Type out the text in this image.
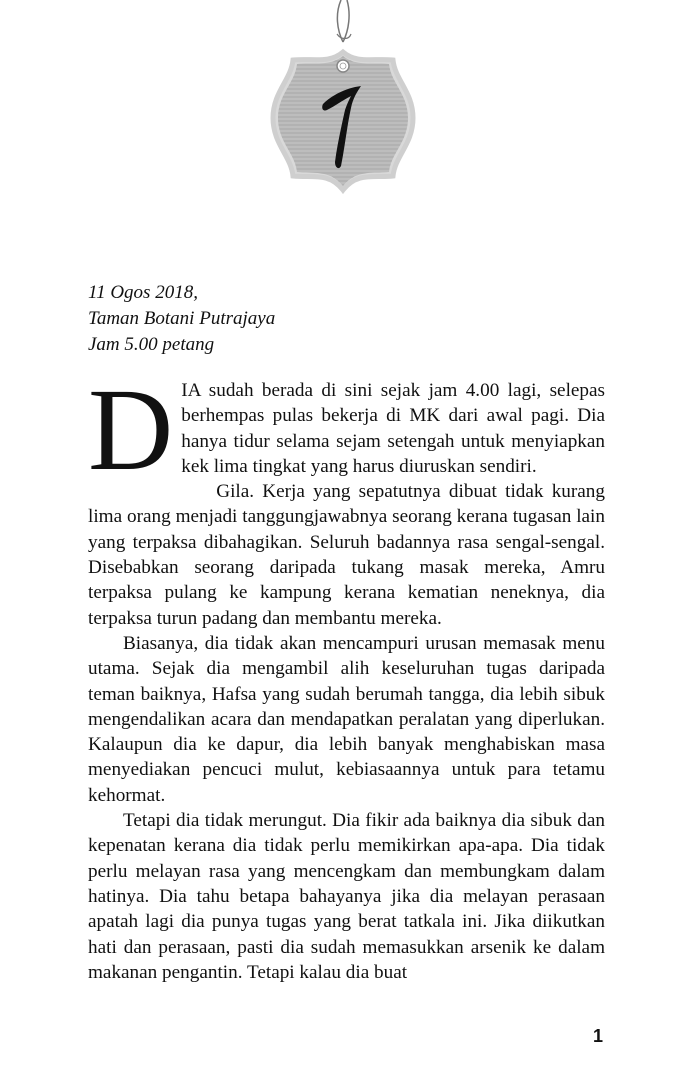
11 Ogos 2018,
Taman Botani Putrajaya
Jam 5.00 petang

DIA sudah berada di sini sejak jam 4.00 lagi, selepas berhempas pulas bekerja di MK dari awal pagi. Dia hanya tidur selama sejam setengah untuk menyiapkan kek lima tingkat yang harus diuruskan sendiri.

Gila. Kerja yang sepatutnya dibuat tidak kurang lima orang menjadi tanggungjawabnya seorang kerana tugasan lain yang terpaksa dibahagikan. Seluruh badannya rasa sengal-sengal. Disebabkan seorang daripada tukang masak mereka, Amru terpaksa pulang ke kampung kerana kematian neneknya, dia terpaksa turun padang dan membantu mereka.

Biasanya, dia tidak akan mencampuri urusan memasak menu utama. Sejak dia mengambil alih keseluruhan tugas daripada teman baiknya, Hafsa yang sudah berumah tangga, dia lebih sibuk mengendalikan acara dan mendapatkan peralatan yang diperlukan. Kalaupun dia ke dapur, dia lebih banyak menghabiskan masa menyediakan pencuci mulut, kebiasaannya untuk para tetamu kehormat.

Tetapi dia tidak merungut. Dia fikir ada baiknya dia sibuk dan kepenatan kerana dia tidak perlu memikirkan apa-apa. Dia tidak perlu melayan rasa yang mencengkam dan membungkam dalam hatinya. Dia tahu betapa bahayanya jika dia melayan perasaan apatah lagi dia punya tugas yang berat tatkala ini. Jika diikutkan hati dan perasaan, pasti dia sudah memasukkan arsenik ke dalam makanan pengantin. Tetapi kalau dia buat

1
